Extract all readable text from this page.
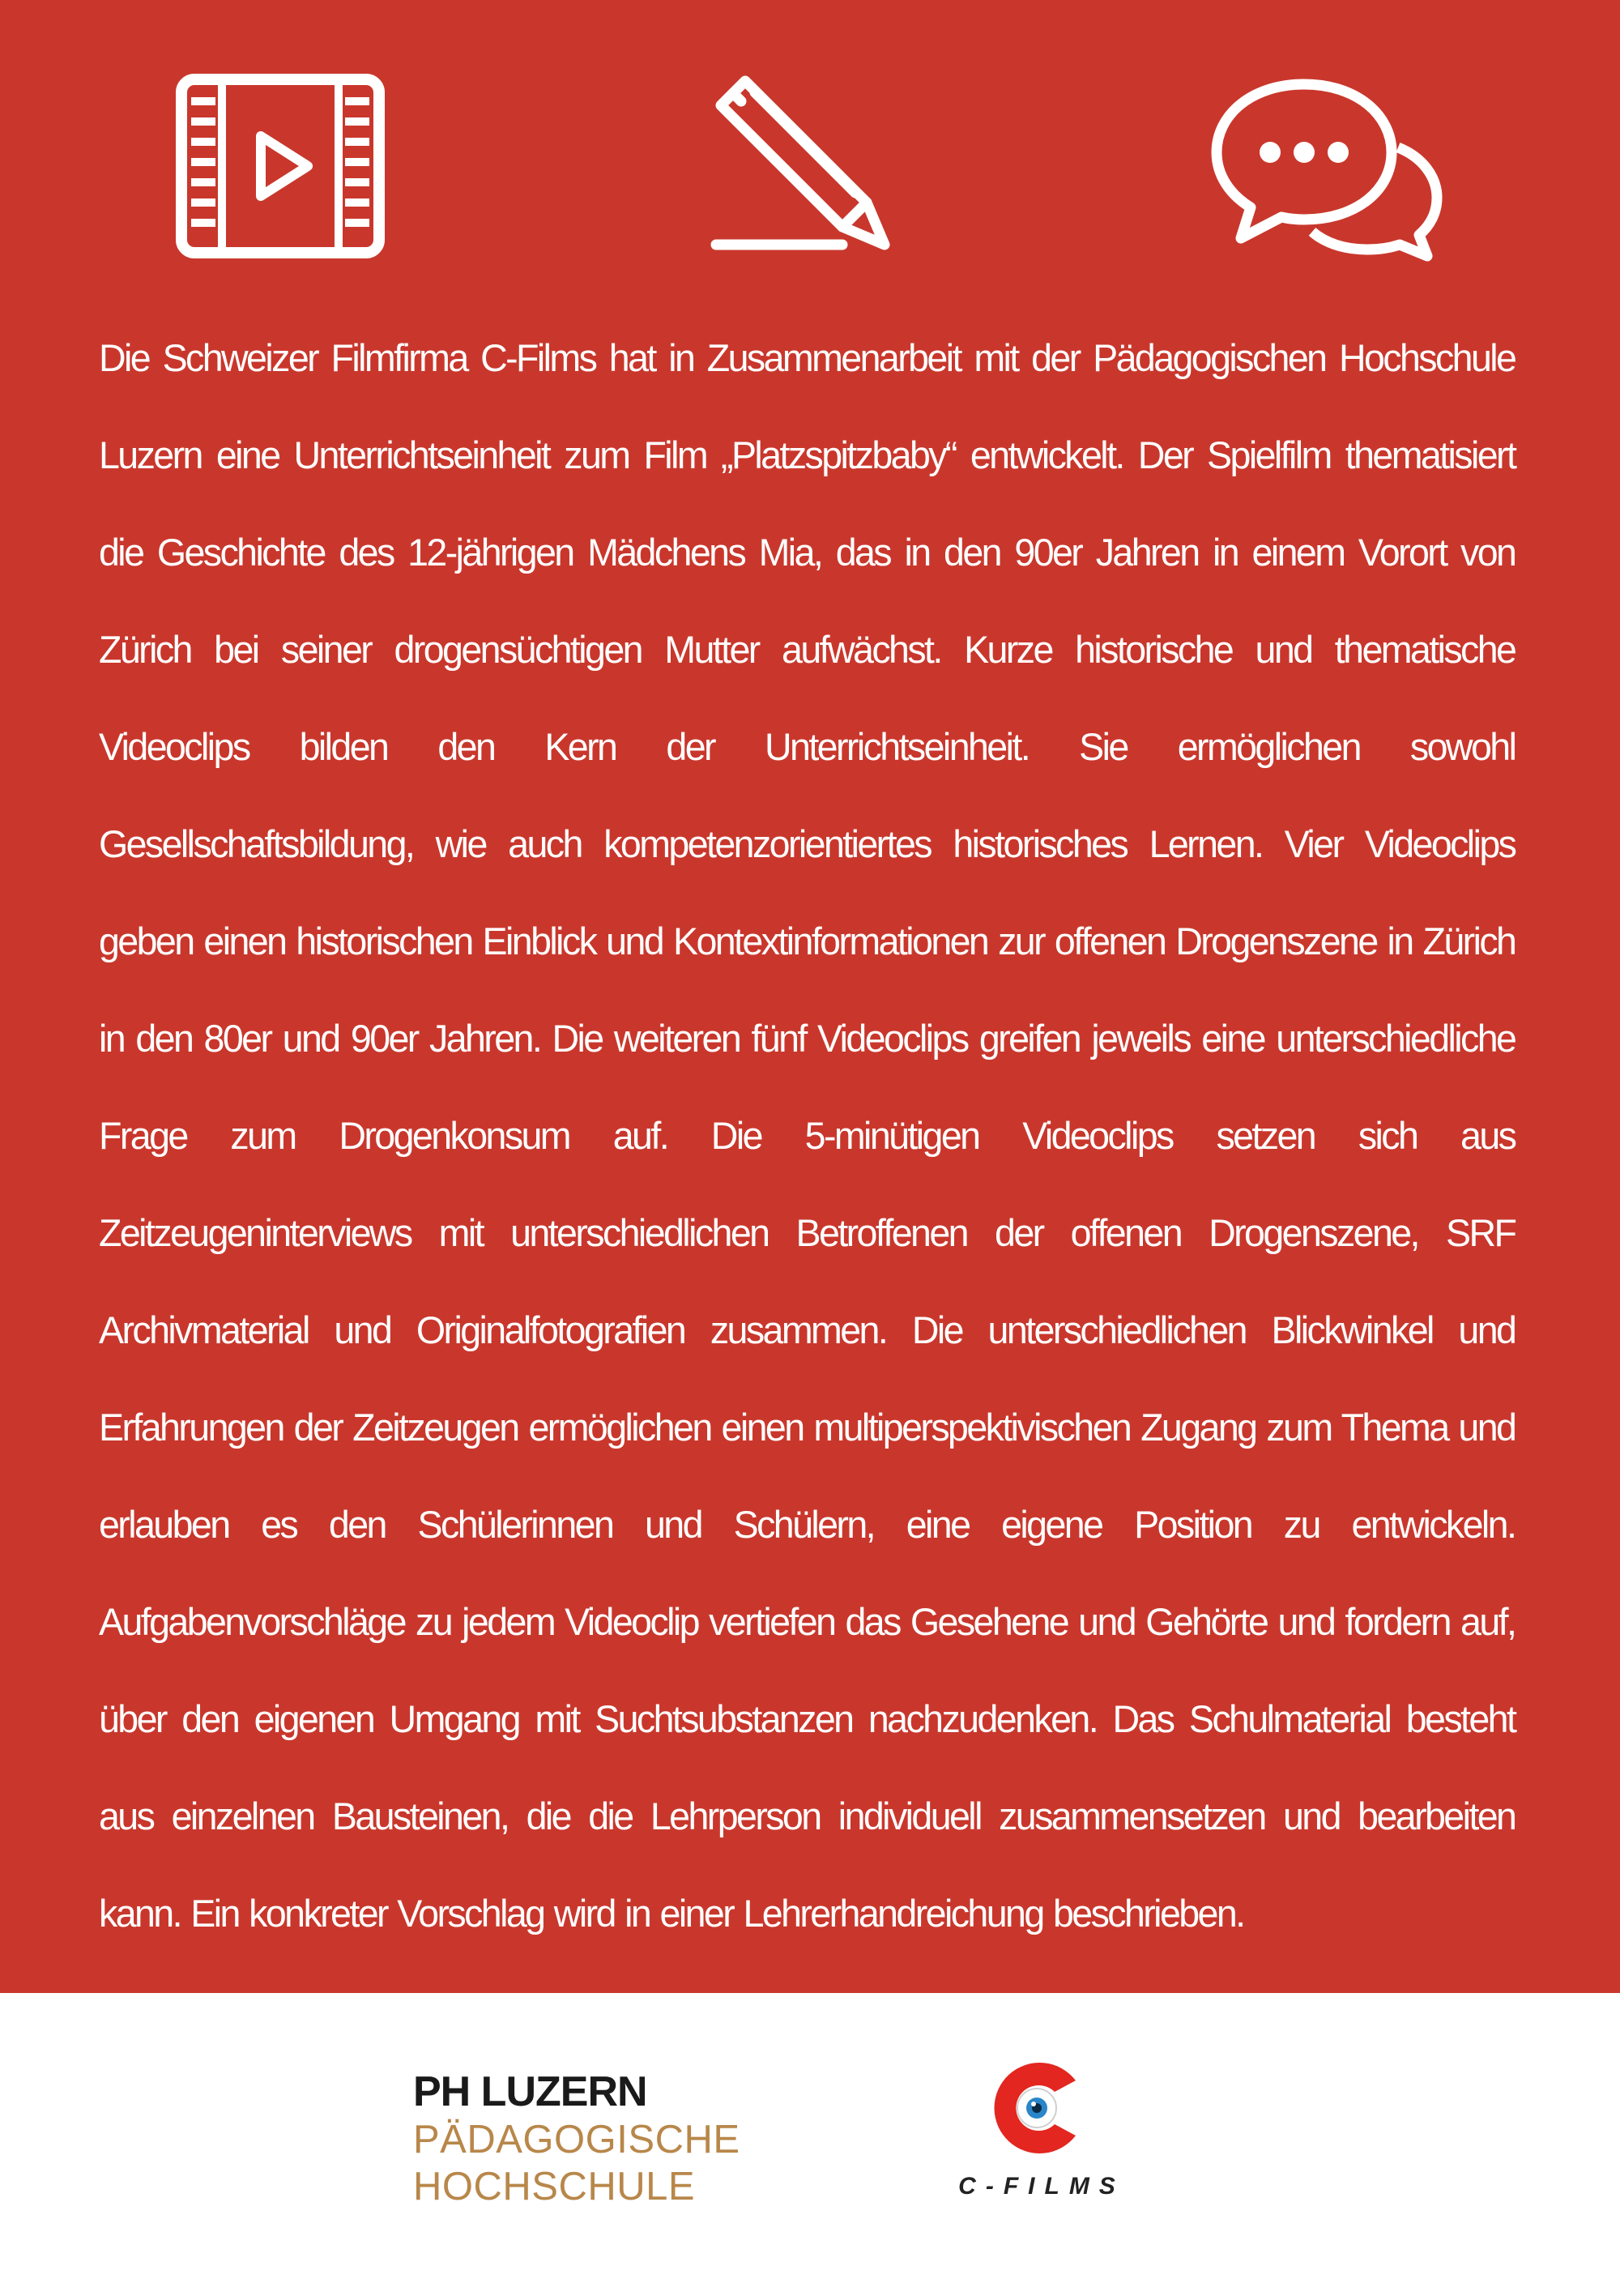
Die Schweizer Filmfirma C-Films hat in Zusammenarbeit mit der Pädagogischen Hochschule Luzern eine Unterrichtseinheit zum Film „Platzspitzbaby“ entwickelt. Der Spielfilm thematisiert die Geschichte des 12-jährigen Mädchens Mia, das in den 90er Jahren in einem Vorort von Zürich bei seiner drogensüchtigen Mutter aufwächst. Kurze historische und thematische Videoclips bilden den Kern der Unterrichtseinheit. Sie ermöglichen sowohl Gesellschaftsbildung, wie auch kompetenzorientiertes historisches Lernen. Vier Videoclips geben einen historischen Einblick und Kontextinformationen zur offenen Drogenszene in Zürich in den 80er und 90er Jahren. Die weiteren fünf Videoclips greifen jeweils eine unterschiedliche Frage zum Drogenkonsum auf. Die 5-minütigen Videoclips setzen sich aus Zeitzeugeninterviews mit unterschiedlichen Betroffenen der offenen Drogenszene, SRF Archivmaterial und Originalfotografien zusammen. Die unterschiedlichen Blickwinkel und Erfahrungen der Zeitzeugen ermöglichen einen multiperspektivischen Zugang zum Thema und erlauben es den Schülerinnen und Schülern, eine eigene Position zu entwickeln. Aufgabenvorschläge zu jedem Videoclip vertiefen das Gesehene und Gehörte und fordern auf, über den eigenen Umgang mit Suchtsubstanzen nachzudenken. Das Schulmaterial besteht aus einzelnen Bausteinen, die die Lehrperson individuell zusammensetzen und bearbeiten kann. Ein konkreter Vorschlag wird in einer Lehrerhandreichung beschrieben.

Die Aufgaben, wie die Lehrerhandreichung können als PDF-Dateien von der Filmwebseite frei heruntergeladen werden.

PH LUZERN
PÄDAGOGISCHE
HOCHSCHULE	C-FILMS
